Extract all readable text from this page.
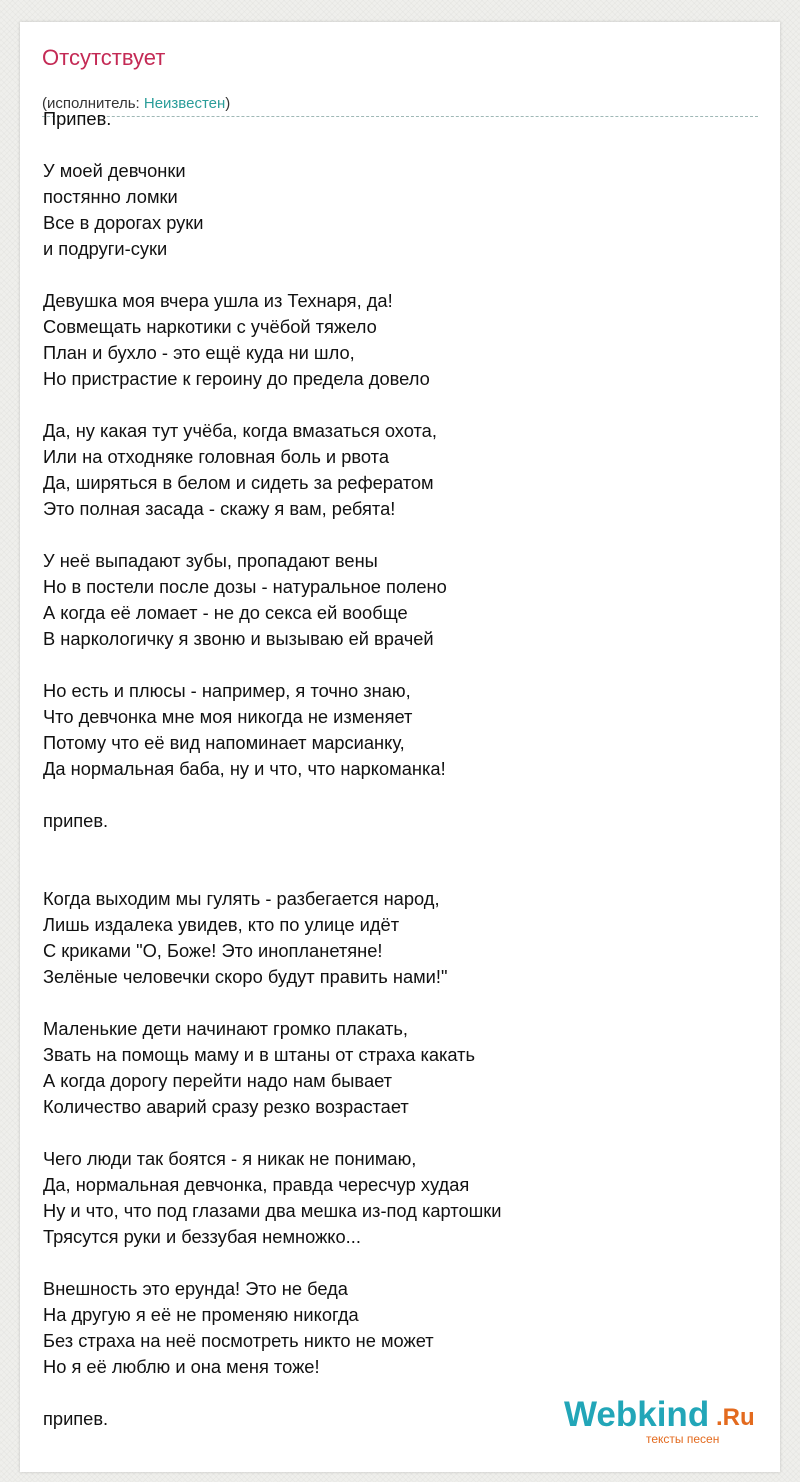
Отсутствует
(исполнитель: Неизвестен)
Припев.

У моей девчонки
постянно ломки
Все в дорогах руки
и подруги-суки

Девушка моя вчера ушла из Технаря, да!
Совмещать наркотики с учёбой тяжело
План и бухло - это ещё куда ни шло,
Но пристрастие к героину до предела довело

Да, ну какая тут учёба, когда вмазаться охота,
Или на отходняке головная боль и рвота
Да, ширяться в белом и сидеть за рефератом
Это полная засада - скажу я вам, ребята!

У неё выпадают зубы, пропадают вены
Но в постели после дозы - натуральное полено
А когда её ломает - не до секса ей вообще
В наркологичку я звоню и вызываю ей врачей

Но есть и плюсы - например, я точно знаю,
Что девчонка мне моя никогда не изменяет
Потому что её вид напоминает марсианку,
Да нормальная баба, ну и что, что наркоманка!

припев.

Когда выходим мы гулять - разбегается народ,
Лишь издалека увидев, кто по улице идёт
С криками "О, Боже! Это инопланетяне!
Зелёные человечки скоро будут править нами!"

Маленькие дети начинают громко плакать,
Звать на помощь маму и в штаны от страха какать
А когда дорогу перейти надо нам бывает
Количество аварий сразу резко возрастает

Чего люди так боятся - я никак не понимаю,
Да, нормальная девчонка, правда чересчур худая
Ну и что, что под глазами два мешка из-под картошки
Трясутся руки и беззубая немножко...

Внешность это ерунда! Это не беда
На другую я её не променяю никогда
Без страха на неё посмотреть никто не может
Но я её люблю и она меня тоже!

припев.	Webkind .Ru
тексты песен
